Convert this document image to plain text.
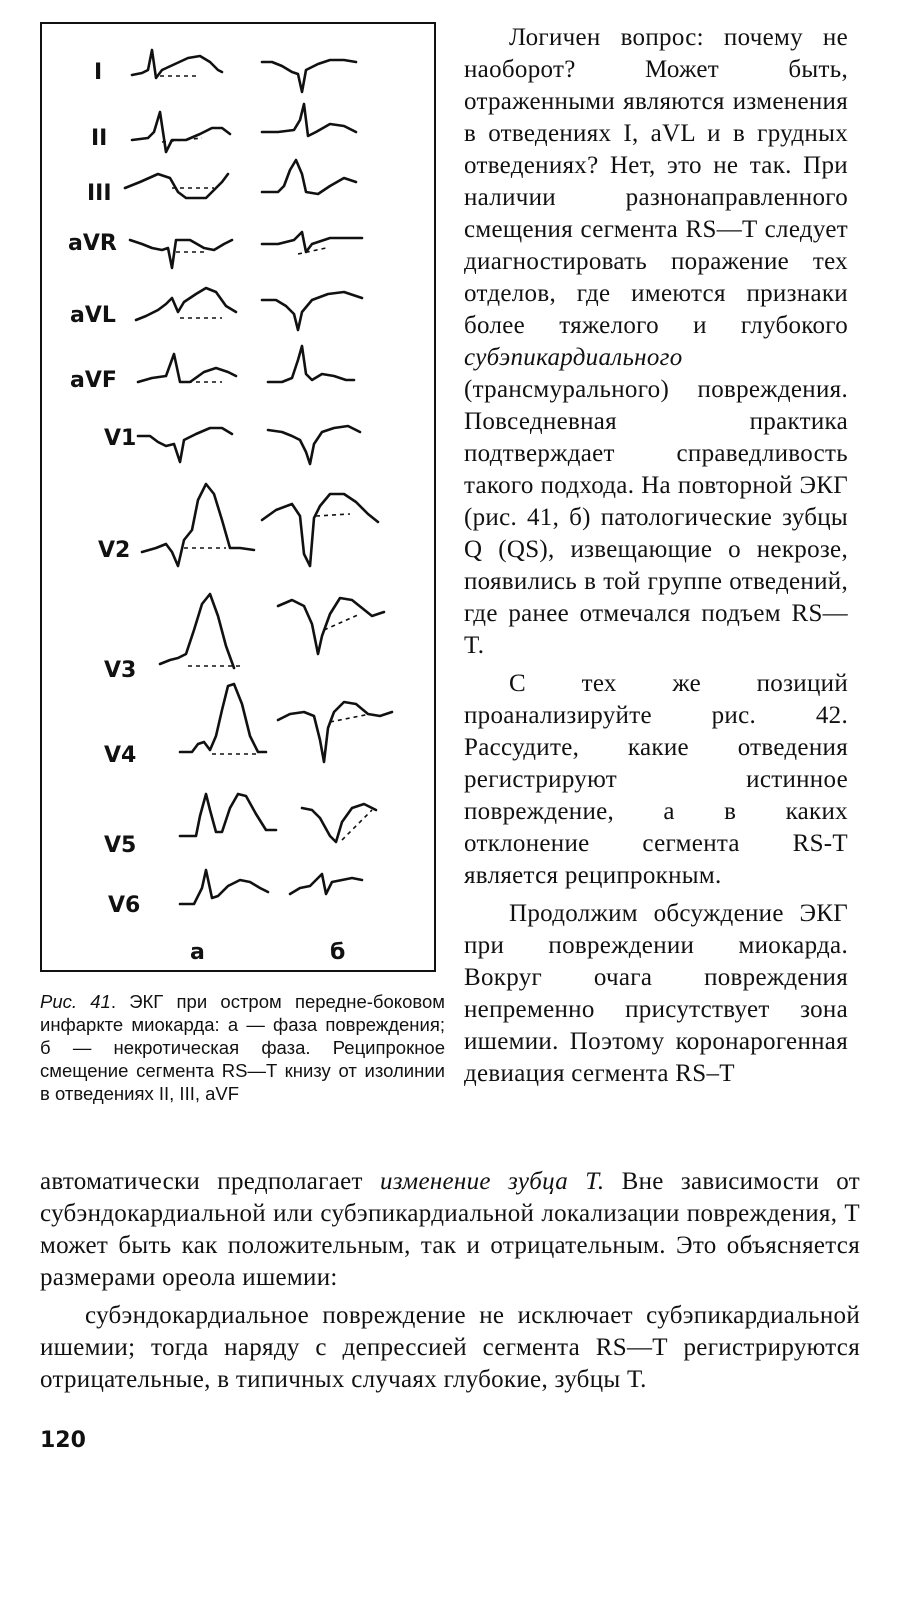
I
II
III
aVR
aVL
aVF
V1
V2
V3
V4
V5
V6
а	б
Рис. 41. ЭКГ при остром передне-боковом инфаркте миокарда: а — фаза повреждения; б — некротическая фаза. Реципрокное смещение сегмента RS—T книзу от изолинии в отведениях II, III, aVF

Логичен вопрос: почему не наоборот? Может быть, отраженными являются изменения в отведениях I, aVL и в грудных отведениях? Нет, это не так. При наличии разнонаправленного смещения сегмента RS—T следует диагностировать поражение тех отделов, где имеются признаки более тяжелого и глубокого субэпикардиального (трансмурального) повреждения. Повседневная практика подтверждает справедливость такого подхода. На повторной ЭКГ (рис. 41, б) патологические зубцы Q (QS), извещающие о некрозе, появились в той группе отведений, где ранее отмечался подъем RS—T.

С тех же позиций проанализируйте рис. 42. Рассудите, какие отведения регистрируют истинное повреждение, а в каких отклонение сегмента RS-T является реципрокным.

Продолжим обсуждение ЭКГ при повреждении миокарда. Вокруг очага повреждения непременно присутствует зона ишемии. Поэтому коронарогенная девиация сегмента RS–Т

автоматически предполагает изменение зубца Т. Вне зависимости от субэндокардиальной или субэпикардиальной локализации повреждения, Т может быть как положительным, так и отрицательным. Это объясняется размерами ореола ишемии:

субэндокардиальное повреждение не исключает субэпикардиальной ишемии; тогда наряду с депрессией сегмента RS—Т регистрируются отрицательные, в типичных случаях глубокие, зубцы Т.

120
